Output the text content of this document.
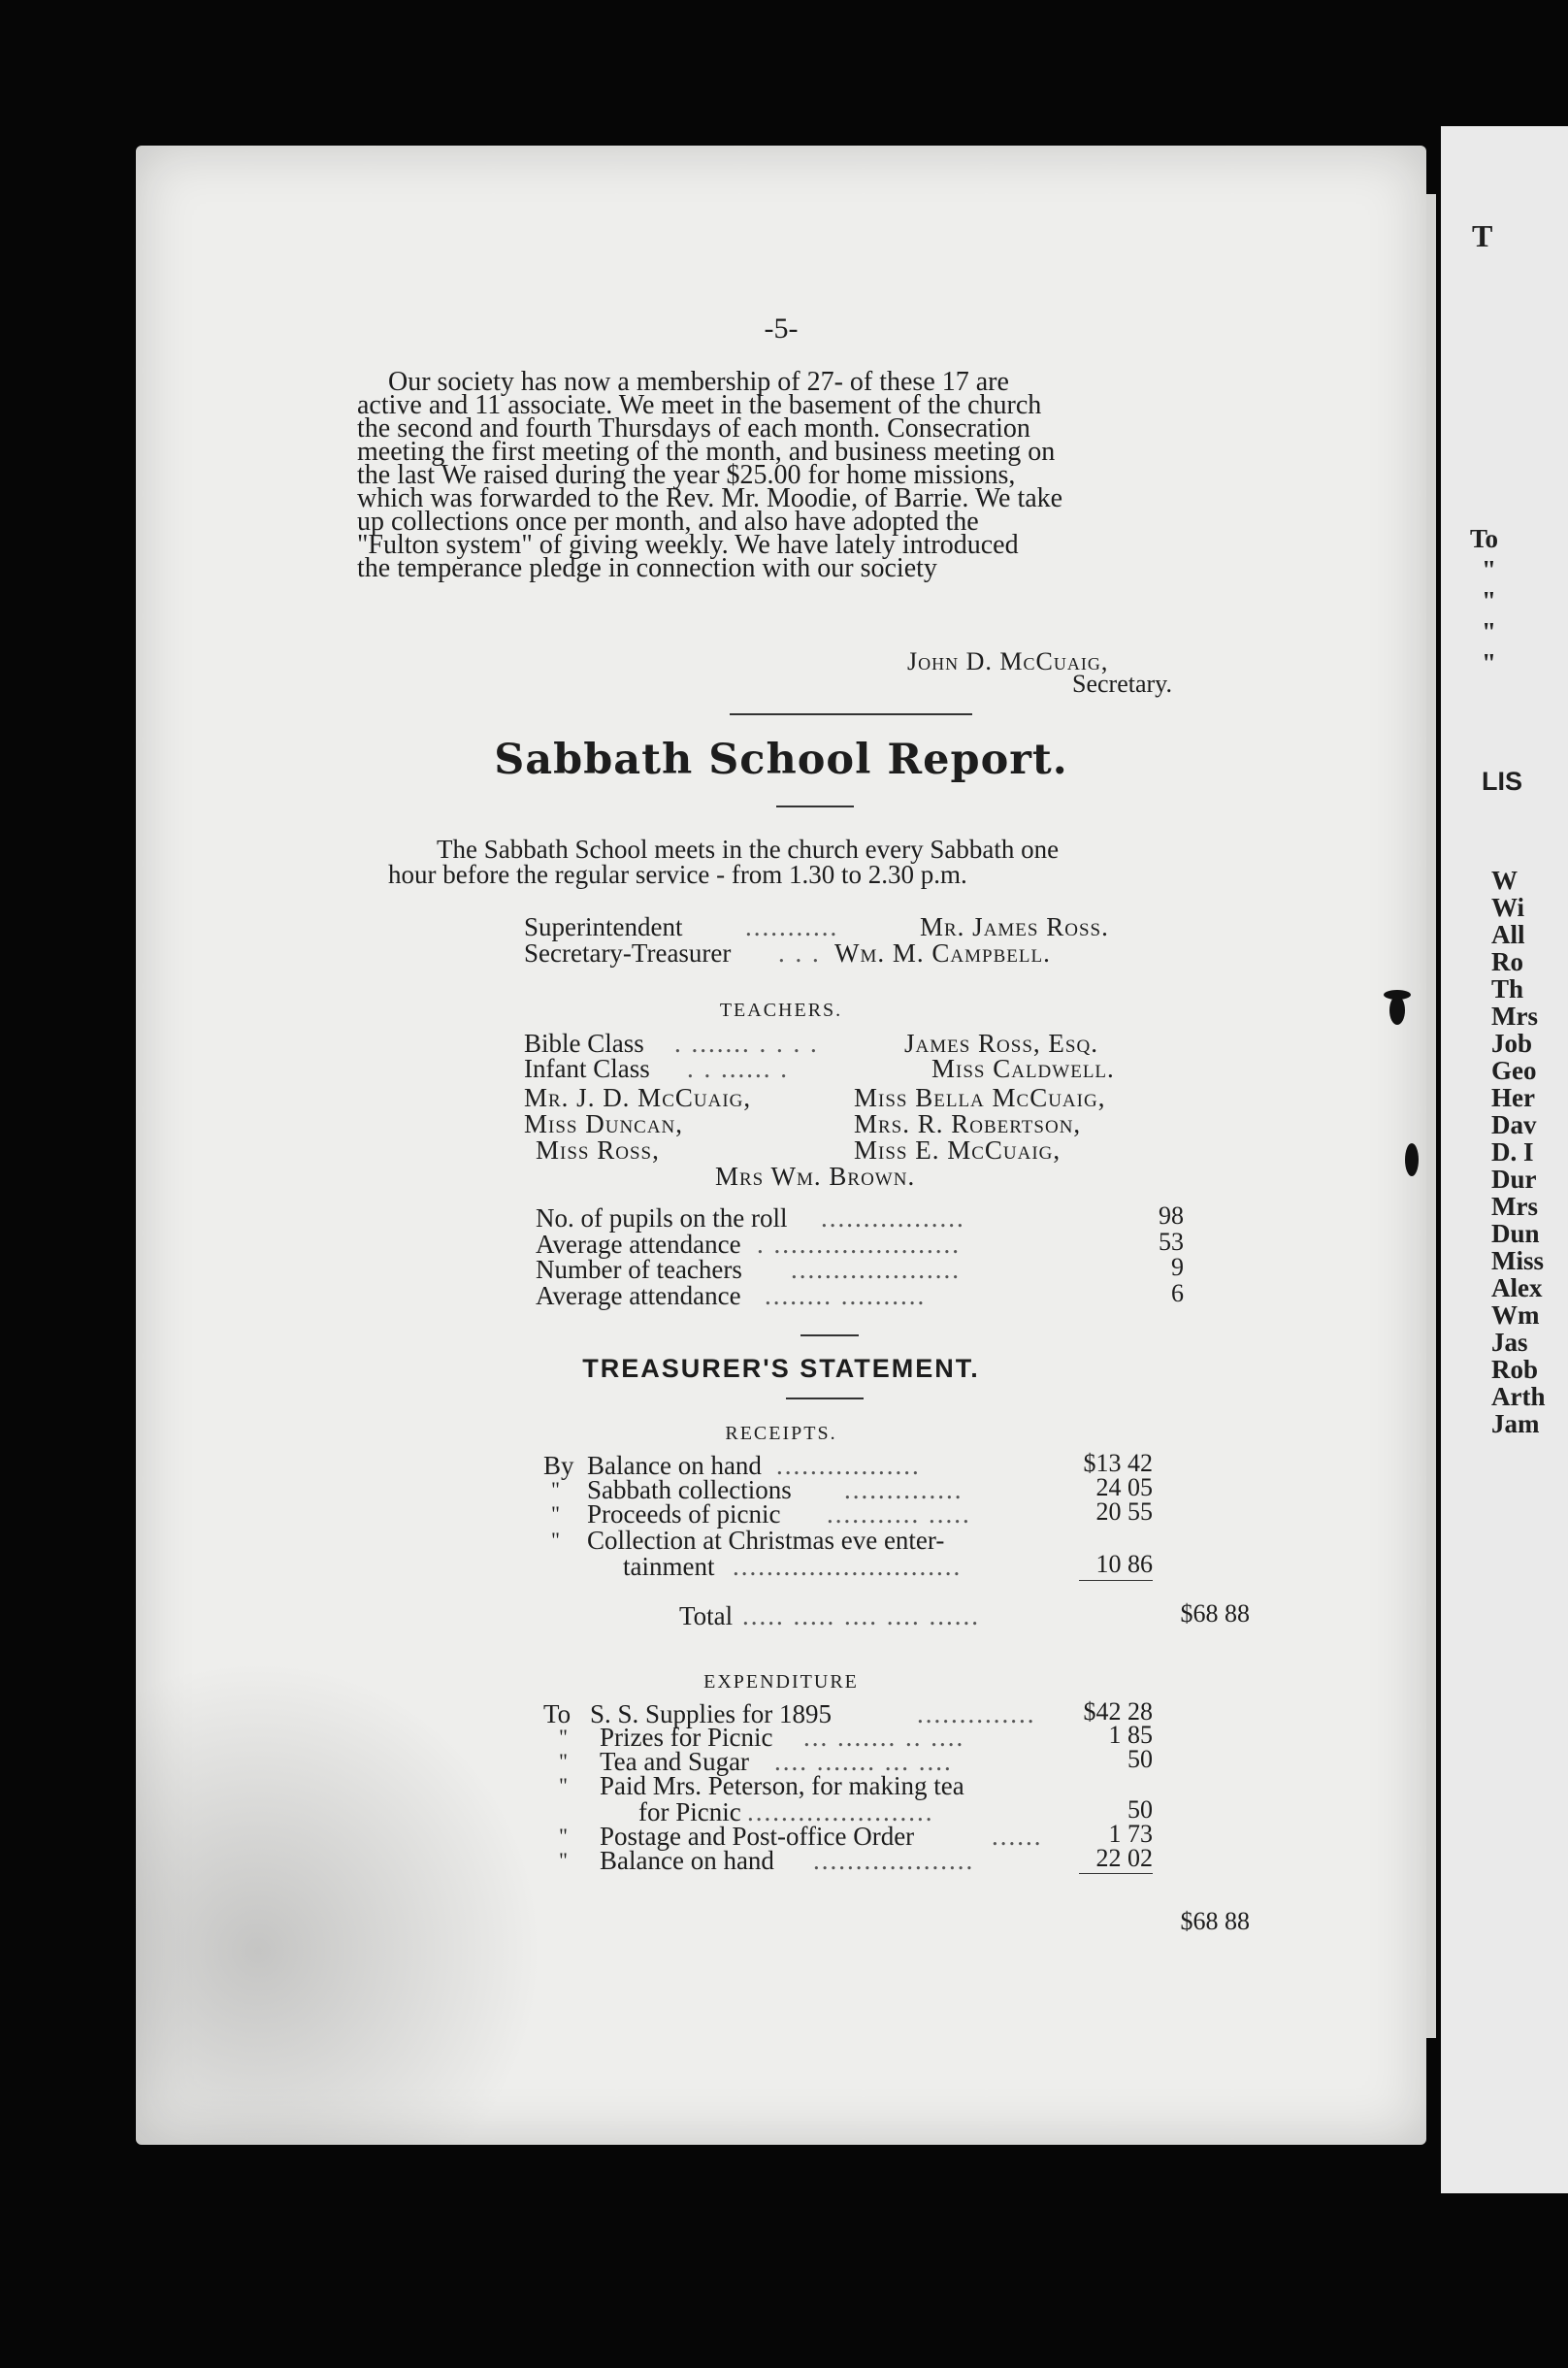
T
To
"
"
"
"
LIS
W
Wi
All
Ro
Th
Mrs
Job
Geo
Her
Dav
D. I
Dur
Mrs
Dun
Miss
Alex
Wm
Jas
Rob
Arth
Jam
-5-
Our society has now a membership of 27- of these 17 are
active and 11 associate. We meet in the basement of the church
the second and fourth Thursdays of each month. Consecration
meeting the first meeting of the month, and business meeting on
the last We raised during the year $25.00 for home missions,
which was forwarded to the Rev. Mr. Moodie, of Barrie. We take
up collections once per month, and also have adopted the
"Fulton system" of giving weekly. We have lately introduced
the temperance pledge in connection with our society
John D. McCuaig,
Secretary.
Sabbath School Report.
The Sabbath School meets in the church every Sabbath one
hour before the regular service - from 1.30 to 2.30 p.m.
Superintendent ...........	Mr. James Ross.
Secretary-Treasurer . . . Wm. M. Campbell.
TEACHERS.
Bible Class . ....... . . . .	James Ross, Esq.
Infant Class . . ...... .	Miss Caldwell.
Mr. J. D. McCuaig,	Miss Bella McCuaig,
Miss Duncan,	Mrs. R. Robertson,
Miss Ross,	Miss E. McCuaig,
Mrs Wm. Brown.
No. of pupils on the roll .................	98
Average attendance . ......................	53
Number of teachers ....................	9
Average attendance ........ ..........	6
TREASURER'S STATEMENT.
RECEIPTS.
By Balance on hand .................	$13 42
" Sabbath collections ..............	24 05
" Proceeds of picnic ........... .....	20 55
" Collection at Christmas eve enter-
tainment ...........................	10 86
Total ..... ..... .... .... ......	$68 88
EXPENDITURE
To S. S. Supplies for 1895	..............	$42 28
" Prizes for Picnic ... ....... .. ....	1 85
" Tea and Sugar .... ....... ... ....	50
" Paid Mrs. Peterson, for making tea
for Picnic ......................	50
" Postage and Post-office Order	......	1 73
" Balance on hand ...................	22 02
$68 88
